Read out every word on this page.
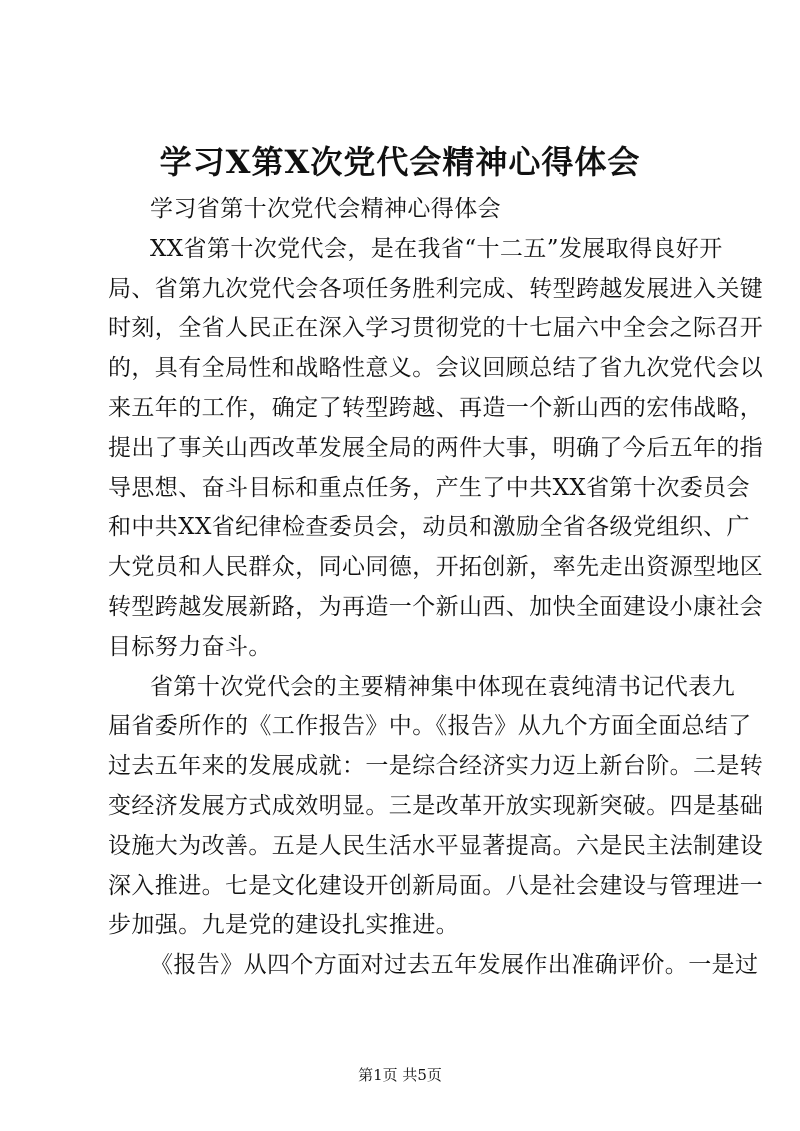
学习X第X次党代会精神心得体会
学习省第十次党代会精神心得体会
XX省第十次党代会，是在我省“十二五”发展取得良好开
局、省第九次党代会各项任务胜利完成、转型跨越发展进入关键
时刻，全省人民正在深入学习贯彻党的十七届六中全会之际召开
的，具有全局性和战略性意义。会议回顾总结了省九次党代会以
来五年的工作，确定了转型跨越、再造一个新山西的宏伟战略，
提出了事关山西改革发展全局的两件大事，明确了今后五年的指
导思想、奋斗目标和重点任务，产生了中共XX省第十次委员会
和中共XX省纪律检查委员会，动员和激励全省各级党组织、广
大党员和人民群众，同心同德，开拓创新，率先走出资源型地区
转型跨越发展新路，为再造一个新山西、加快全面建设小康社会
目标努力奋斗。
省第十次党代会的主要精神集中体现在袁纯清书记代表九
届省委所作的《工作报告》中。《报告》从九个方面全面总结了
过去五年来的发展成就：一是综合经济实力迈上新台阶。二是转
变经济发展方式成效明显。三是改革开放实现新突破。四是基础
设施大为改善。五是人民生活水平显著提高。六是民主法制建设
深入推进。七是文化建设开创新局面。八是社会建设与管理进一
步加强。九是党的建设扎实推进。
《报告》从四个方面对过去五年发展作出准确评价。一是过
第1页 共5页
